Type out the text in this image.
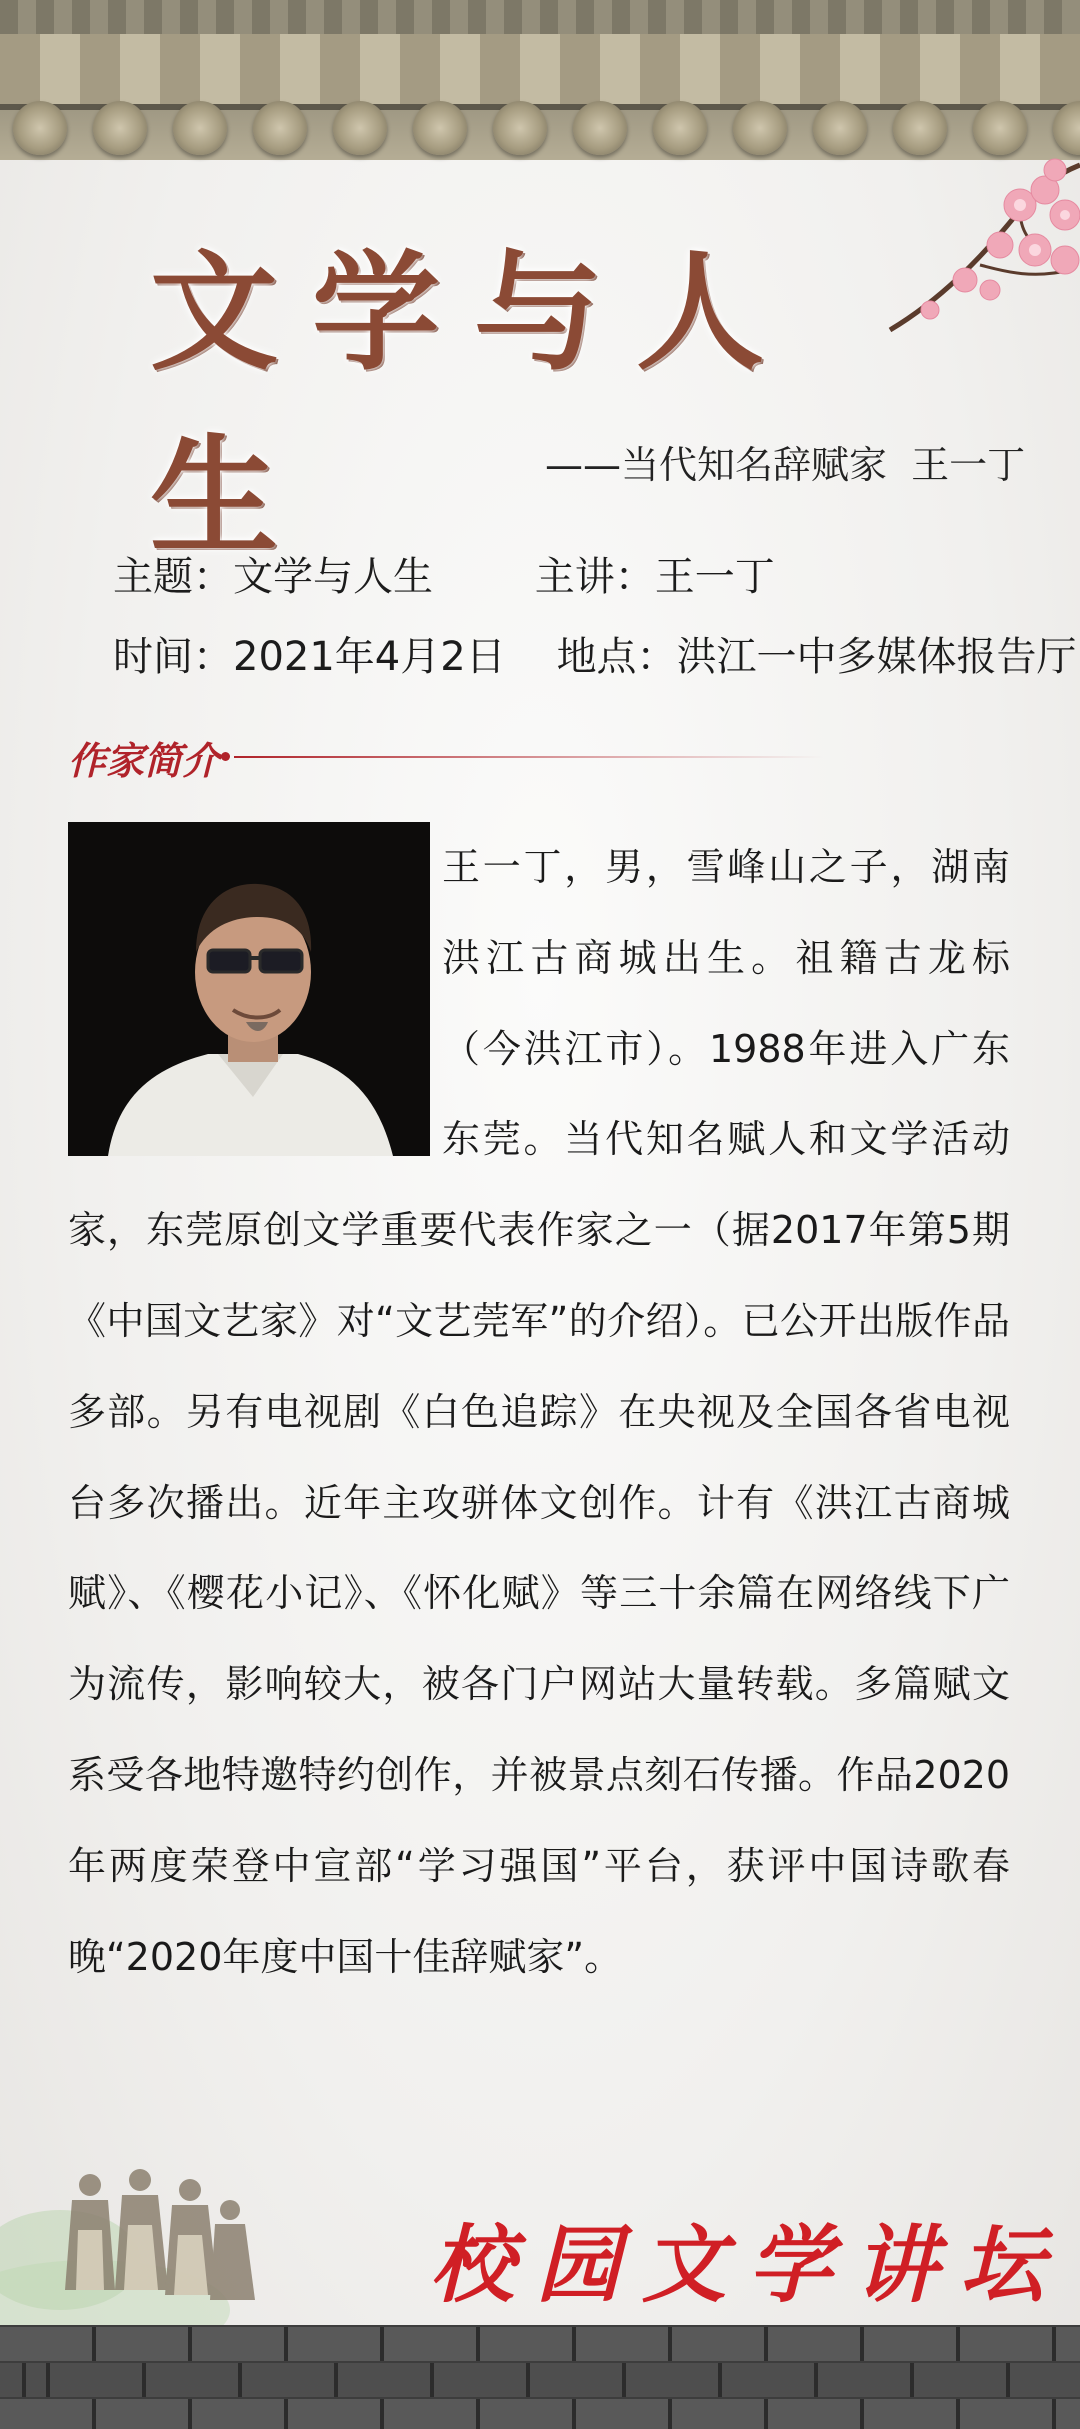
文学与人生	——当代知名辞赋家  王一丁
主题：文学与人生	主讲：王一丁
时间：2021年4月2日 地点：洪江一中多媒体报告厅
作家简介
王一丁，男，雪峰山之子，湖南洪江古商城出生。祖籍古龙标（今洪江市）。1988年进入广东东莞。当代知名赋人和文学活动家，东莞原创文学重要代表作家之一（据2017年第5期《中国文艺家》对“文艺莞军”的介绍）。已公开出版作品多部。另有电视剧《白色追踪》在央视及全国各省电视台多次播出。近年主攻骈体文创作。计有《洪江古商城赋》、《樱花小记》、《怀化赋》等三十余篇在网络线下广为流传，影响较大，被各门户网站大量转载。多篇赋文系受各地特邀特约创作，并被景点刻石传播。作品2020年两度荣登中宣部“学习强国”平台，获评中国诗歌春晚“2020年度中国十佳辞赋家”。
校园文学讲坛
